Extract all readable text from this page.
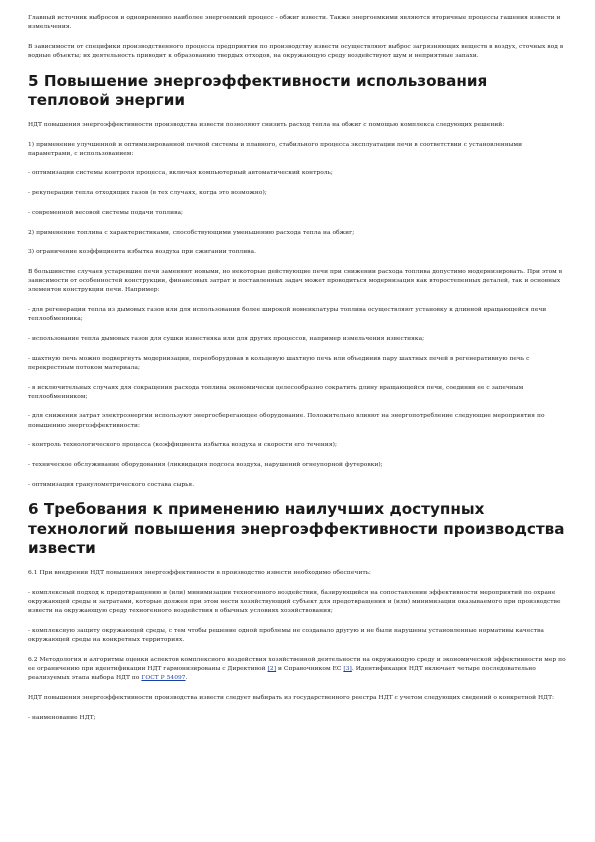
Главный источник выбросов и одновременно наиболее энергоемкий процесс - обжиг извести. Также энергоемкими являются вторичные процессы гашения извести и измельчения.

В зависимости от специфики производственного процесса предприятия по производству извести осуществляют выброс загрязняющих веществ в воздух, сточных вод в водные объекты; их деятельность приводит к образованию твердых отходов, на окружающую среду воздействуют шум и неприятные запахи.

5 Повышение энергоэффективности использования тепловой энергии

НДТ повышения энергоэффективности производства извести позволяют снизить расход тепла на обжиг с помощью комплекса следующих решений:

1) применение улучшенной и оптимизированной печной системы и плавного, стабильного процесса эксплуатации печи в соответствии с установленными параметрами, с использованием:

- оптимизации системы контроля процесса, включая компьютерный автоматический контроль;

- рекуперации тепла отходящих газов (в тех случаях, когда это возможно);

- современной весовой системы подачи топлива;

2) применение топлива с характеристиками, способствующими уменьшению расхода тепла на обжиг;

3) ограничение коэффициента избытка воздуха при сжигании топлива.

В большинстве случаев устаревшие печи заменяют новыми, но некоторые действующие печи при снижении расхода топлива допустимо модернизировать. При этом в зависимости от особенностей конструкции, финансовых затрат и поставленных задач может проводиться модернизация как второстепенных деталей, так и основных элементов конструкции печи. Например:

- для регенерации тепла из дымовых газов или для использования более широкой номенклатуры топлива осуществляют установку к длинной вращающейся печи теплообменника;

- использование тепла дымовых газов для сушки известняка или для других процессов, например измельчения известняка;

- шахтную печь можно подвергнуть модернизации, переоборудовав в кольцевую шахтную печь или объединив пару шахтных печей в регенеративную печь с перекрестным потоком материала;

- в исключительных случаях для сокращения расхода топлива экономически целесообразно сократить длину вращающейся печи, соединив ее с запечным теплообменником;

- для снижения затрат электроэнергии используют энергосберегающее оборудование. Положительно влияют на энергопотребление следующие мероприятия по повышению энергоэффективности:

- контроль технологического процесса (коэффициента избытка воздуха и скорости его течения);

- техническое обслуживание оборудования (ликвидация подсоса воздуха, нарушений огнеупорной футеровки);

- оптимизация гранулометрического состава сырья.

6 Требования к применению наилучших доступных технологий повышения энергоэффективности производства извести

6.1 При внедрении НДТ повышения энергоэффективности в производство извести необходимо обеспечить:

- комплексный подход к предотвращению и (или) минимизации техногенного воздействия, базирующийся на сопоставлении эффективности мероприятий по охране окружающей среды и затратами, которые должен при этом нести хозяйствующий субъект для предотвращения и (или) минимизации оказываемого при производстве извести на окружающую среду техногенного воздействия в обычных условиях хозяйствования;

- комплексную защиту окружающей среды, с тем чтобы решение одной проблемы не создавало другую и не были нарушены установленные нормативы качества окружающей среды на конкретных территориях.

6.2 Методология и алгоритмы оценки аспектов комплексного воздействия хозяйственной деятельности на окружающую среду и экономической эффективности мер по ее ограничению при идентификации НДТ гармонизированы с Директивой [2] и Справочником ЕС [3]. Идентификация НДТ включает четыре последовательно реализуемых этапа выбора НДТ по ГОСТ Р 54097.

НДТ повышения энергоэффективности производства извести следует выбирать из государственного реестра НДТ с учетом следующих сведений о конкретной НДТ:

- наименование НДТ;
